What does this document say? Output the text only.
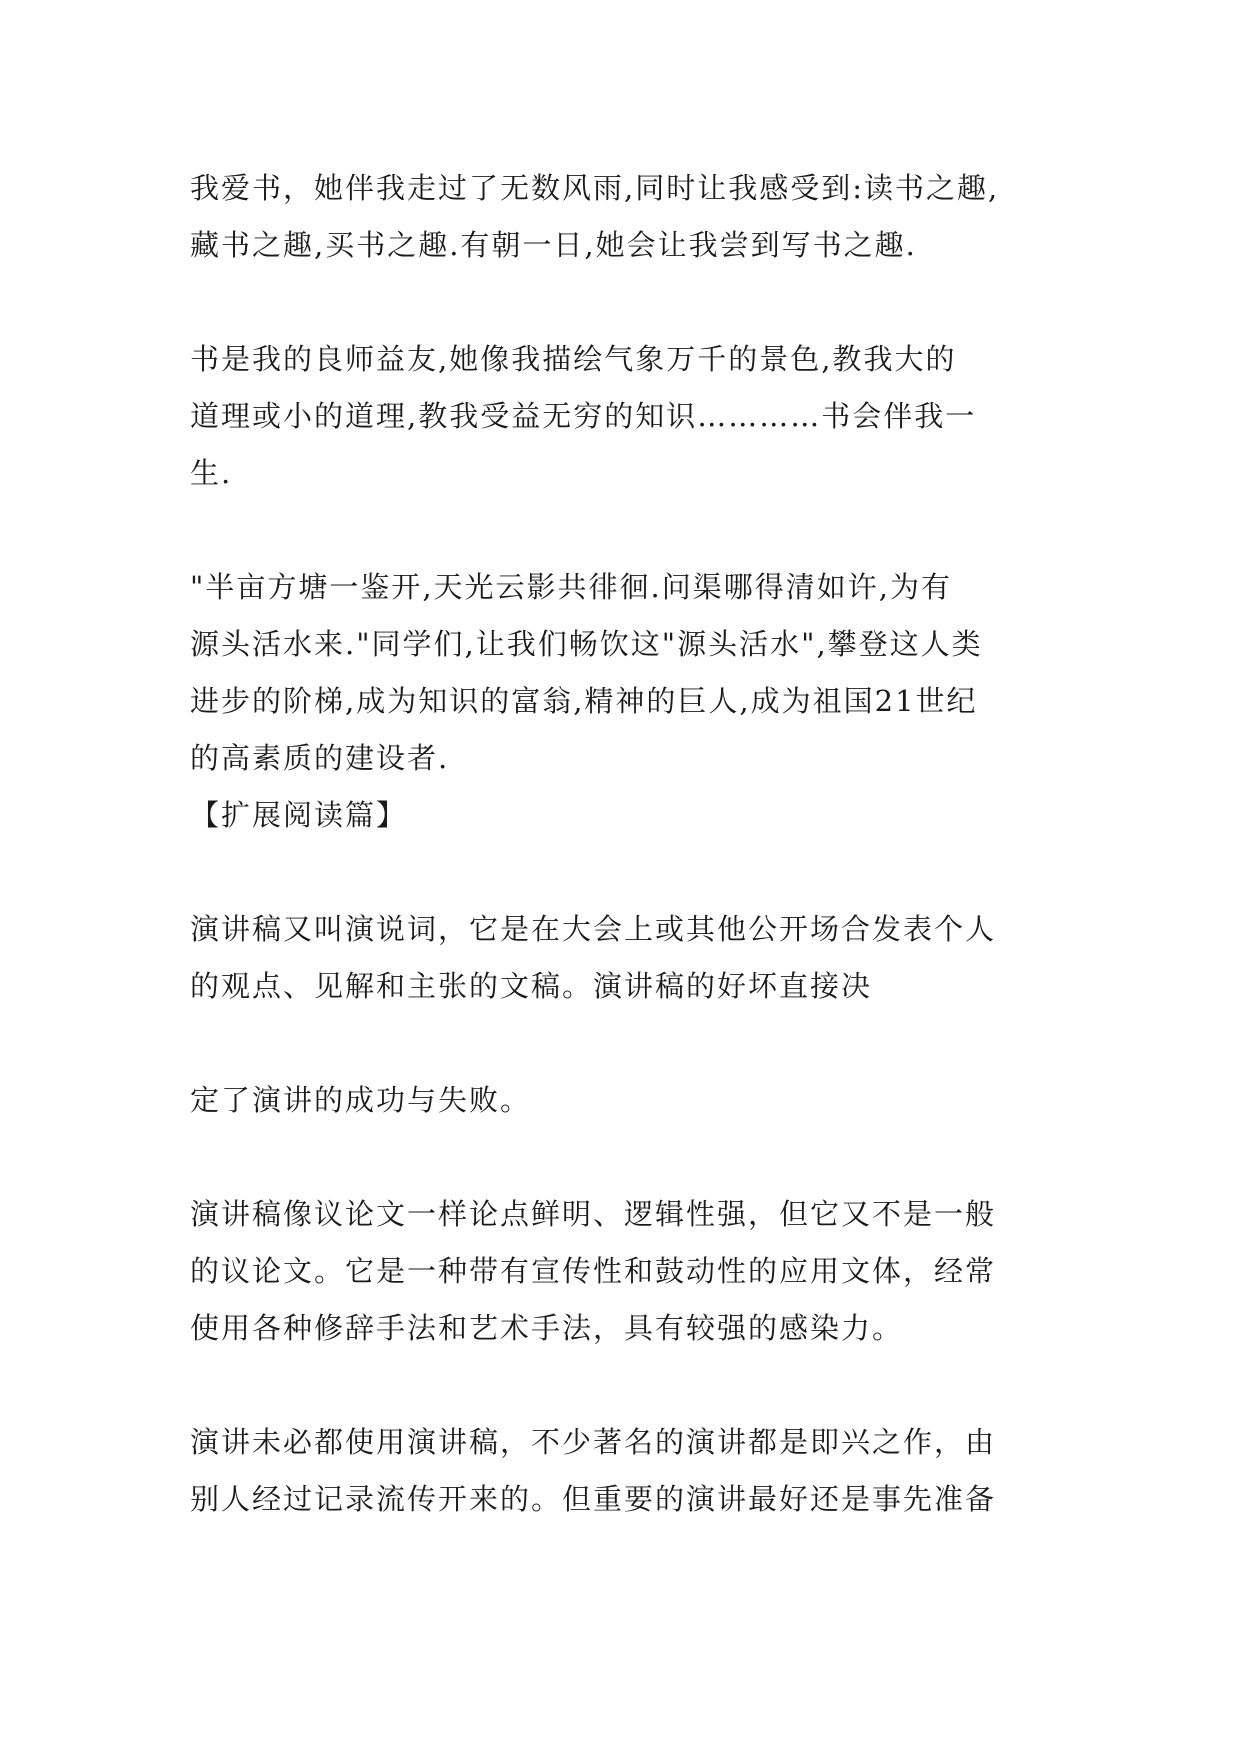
我爱书，她伴我走过了无数风雨,同时让我感受到:读书之趣,
藏书之趣,买书之趣.有朝一日,她会让我尝到写书之趣.
书是我的良师益友,她像我描绘气象万千的景色,教我大的
道理或小的道理,教我受益无穷的知识…………书会伴我一
生.
"半亩方塘一鉴开,天光云影共徘徊.问渠哪得清如许,为有
源头活水来."同学们,让我们畅饮这"源头活水",攀登这人类
进步的阶梯,成为知识的富翁,精神的巨人,成为祖国21世纪
的高素质的建设者.
【扩展阅读篇】
演讲稿又叫演说词，它是在大会上或其他公开场合发表个人
的观点、见解和主张的文稿。演讲稿的好坏直接决
定了演讲的成功与失败。
演讲稿像议论文一样论点鲜明、逻辑性强，但它又不是一般
的议论文。它是一种带有宣传性和鼓动性的应用文体，经常
使用各种修辞手法和艺术手法，具有较强的感染力。
演讲未必都使用演讲稿，不少著名的演讲都是即兴之作，由
别人经过记录流传开来的。但重要的演讲最好还是事先准备
